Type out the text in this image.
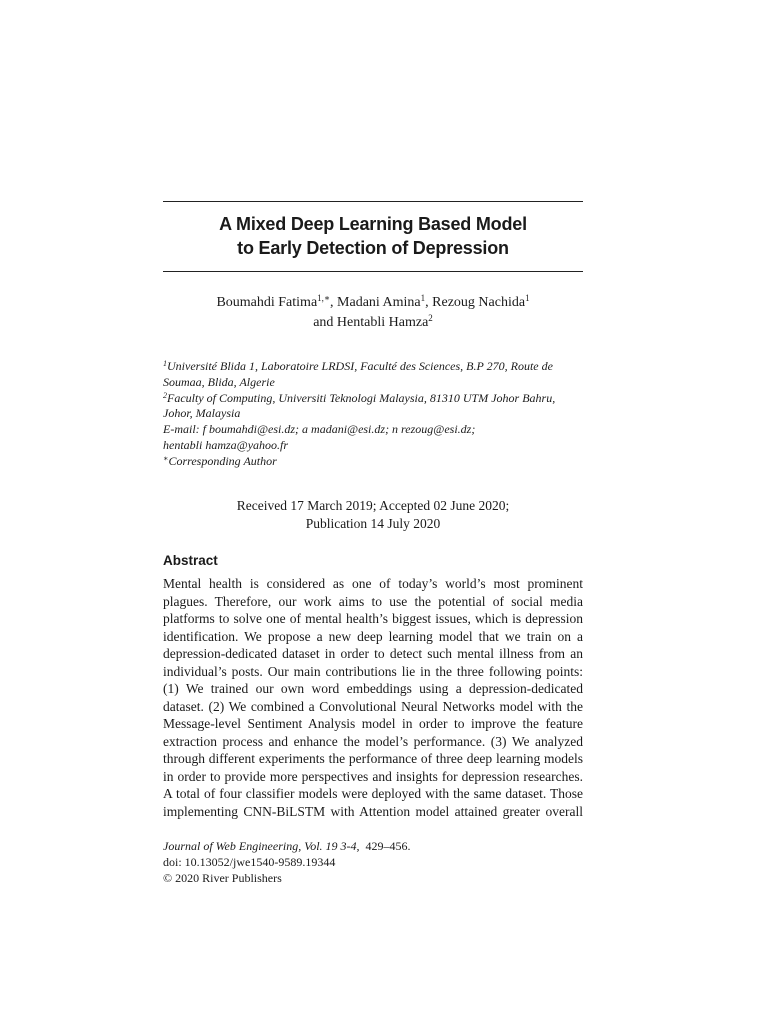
A Mixed Deep Learning Based Model
to Early Detection of Depression
Boumahdi Fatima$^{1,∗}$, Madani Amina$^1$, Rezoug Nachida$^1$
and Hentabli Hamza$^2$
$^1$Université Blida 1, Laboratoire LRDSI, Faculté des Sciences, B.P 270, Route de
Soumaa, Blida, Algerie
$^2$Faculty of Computing, Universiti Teknologi Malaysia, 81310 UTM Johor Bahru,
Johor, Malaysia
E-mail: f boumahdi@esi.dz; a madani@esi.dz; n rezoug@esi.dz;
hentabli hamza@yahoo.fr
∗Corresponding Author
Received 17 March 2019; Accepted 02 June 2020;
Publication 14 July 2020
Abstract
Mental health is considered as one of today’s world’s most prominent
plagues. Therefore, our work aims to use the potential of social media
platforms to solve one of mental health’s biggest issues, which is depression
identification. We propose a new deep learning model that we train on a
depression-dedicated dataset in order to detect such mental illness from an
individual’s posts. Our main contributions lie in the three following points:
(1) We trained our own word embeddings using a depression-dedicated
dataset. (2) We combined a Convolutional Neural Networks model with the
Message-level Sentiment Analysis model in order to improve the feature
extraction process and enhance the model’s performance. (3) We analyzed
through different experiments the performance of three deep learning models
in order to provide more perspectives and insights for depression researches.
A total of four classifier models were deployed with the same dataset. Those
implementing CNN-BiLSTM with Attention model attained greater overall
Journal of Web Engineering, Vol. 19 3-4, 429–456.
doi: 10.13052/jwe1540-9589.19344
© 2020 River Publishers
